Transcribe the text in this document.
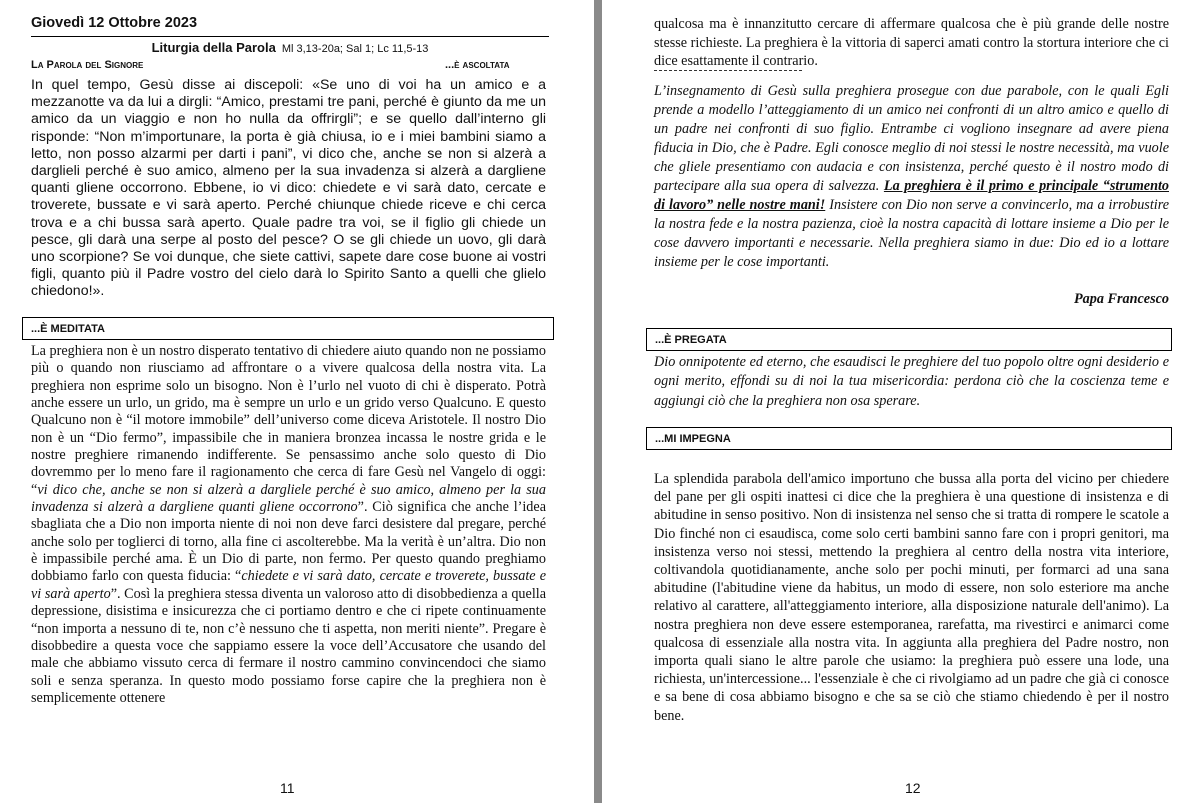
Giovedì 12 Ottobre 2023
Liturgia della Parola Ml 3,13-20a; Sal 1; Lc 11,5-13
La Parola del Signore	...è ascoltata
In quel tempo, Gesù disse ai discepoli: «Se uno di voi ha un amico e a mezzanotte va da lui a dirgli: “Amico, prestami tre pani, perché è giunto da me un amico da un viaggio e non ho nulla da offrirgli”; e se quello dall’interno gli risponde: “Non m’importunare, la porta è già chiusa, io e i miei bambini siamo a letto, non posso alzarmi per darti i pani”, vi dico che, anche se non si alzerà a darglieli perché è suo amico, almeno per la sua invadenza si alzerà a dargliene quanti gliene occorrono. Ebbene, io vi dico: chiedete e vi sarà dato, cercate e troverete, bussate e vi sarà aperto. Perché chiunque chiede riceve e chi cerca trova e a chi bussa sarà aperto. Quale padre tra voi, se il figlio gli chiede un pesce, gli darà una serpe al posto del pesce? O se gli chiede un uovo, gli darà uno scorpione? Se voi dunque, che siete cattivi, sapete dare cose buone ai vostri figli, quanto più il Padre vostro del cielo darà lo Spirito Santo a quelli che glielo chiedono!».
...È MEDITATA
La preghiera non è un nostro disperato tentativo di chiedere aiuto quando non ne possiamo più o quando non riusciamo ad affrontare o a vivere qualcosa della nostra vita. La preghiera non esprime solo un bisogno. Non è l’urlo nel vuoto di chi è disperato. Potrà anche essere un urlo, un grido, ma è sempre un urlo e un grido verso Qualcuno. E questo Qualcuno non è “il motore immobile” dell’universo come diceva Aristotele. Il nostro Dio non è un “Dio fermo”, impassibile che in maniera bronzea incassa le nostre grida e le nostre preghiere rimanendo indifferente. Se pensassimo anche solo questo di Dio dovremmo per lo meno fare il ragionamento che cerca di fare Gesù nel Vangelo di oggi: “vi dico che, anche se non si alzerà a dargliele perché è suo amico, almeno per la sua invadenza si alzerà a dargliene quanti gliene occorrono”. Ciò significa che anche l’idea sbagliata che a Dio non importa niente di noi non deve farci desistere dal pregare, perché anche solo per toglierci di torno, alla fine ci ascolterebbe. Ma la verità è un’altra. Dio non è impassibile perché ama. È un Dio di parte, non fermo. Per questo quando preghiamo dobbiamo farlo con questa fiducia: “chiedete e vi sarà dato, cercate e troverete, bussate e vi sarà aperto”. Così la preghiera stessa diventa un valoroso atto di disobbedienza a quella depressione, disistima e insicurezza che ci portiamo dentro e che ci ripete continuamente “non importa a nessuno di te, non c’è nessuno che ti aspetta, non meriti niente”. Pregare è disobbedire a questa voce che sappiamo essere la voce dell’Accusatore che usando del male che abbiamo vissuto cerca di fermare il nostro cammino convincendoci che siamo soli e senza speranza. In questo modo possiamo forse capire che la preghiera non è semplicemente ottenere
11
qualcosa ma è innanzitutto cercare di affermare qualcosa che è più grande delle nostre stesse richieste. La preghiera è la vittoria di saperci amati contro la stortura interiore che ci dice esattamente il contrario.
L’insegnamento di Gesù sulla preghiera prosegue con due parabole, con le quali Egli prende a modello l’atteggiamento di un amico nei confronti di un altro amico e quello di un padre nei confronti di suo figlio. Entrambe ci vogliono insegnare ad avere piena fiducia in Dio, che è Padre. Egli conosce meglio di noi stessi le nostre necessità, ma vuole che gliele presentiamo con audacia e con insistenza, perché questo è il nostro modo di partecipare alla sua opera di salvezza. La preghiera è il primo e principale “strumento di lavoro” nelle nostre mani! Insistere con Dio non serve a convincerlo, ma a irrobustire la nostra fede e la nostra pazienza, cioè la nostra capacità di lottare insieme a Dio per le cose davvero importanti e necessarie. Nella preghiera siamo in due: Dio ed io a lottare insieme per le cose importanti.
Papa Francesco
...È PREGATA
Dio onnipotente ed eterno, che esaudisci le preghiere del tuo popolo oltre ogni desiderio e ogni merito, effondi su di noi la tua misericordia: perdona ciò che la coscienza teme e aggiungi ciò che la preghiera non osa sperare.
...MI IMPEGNA
La splendida parabola dell'amico importuno che bussa alla porta del vicino per chiedere del pane per gli ospiti inattesi ci dice che la preghiera è una questione di insistenza e di abitudine in senso positivo. Non di insistenza nel senso che si tratta di rompere le scatole a Dio finché non ci esaudisca, come solo certi bambini sanno fare con i propri genitori, ma insistenza verso noi stessi, mettendo la preghiera al centro della nostra vita interiore, coltivandola quotidianamente, anche solo per pochi minuti, per formarci ad una sana abitudine (l'abitudine viene da habitus, un modo di essere, non solo esteriore ma anche relativo al carattere, all'atteggiamento interiore, alla disposizione naturale dell'animo). La nostra preghiera non deve essere estemporanea, rarefatta, ma rivestirci e animarci come qualcosa di essenziale alla nostra vita. In aggiunta alla preghiera del Padre nostro, non importa quali siano le altre parole che usiamo: la preghiera può essere una lode, una richiesta, un'intercessione... l'essenziale è che ci rivolgiamo ad un padre che già ci conosce e sa bene di cosa abbiamo bisogno e che sa se ciò che stiamo chiedendo è per il nostro bene.
12
